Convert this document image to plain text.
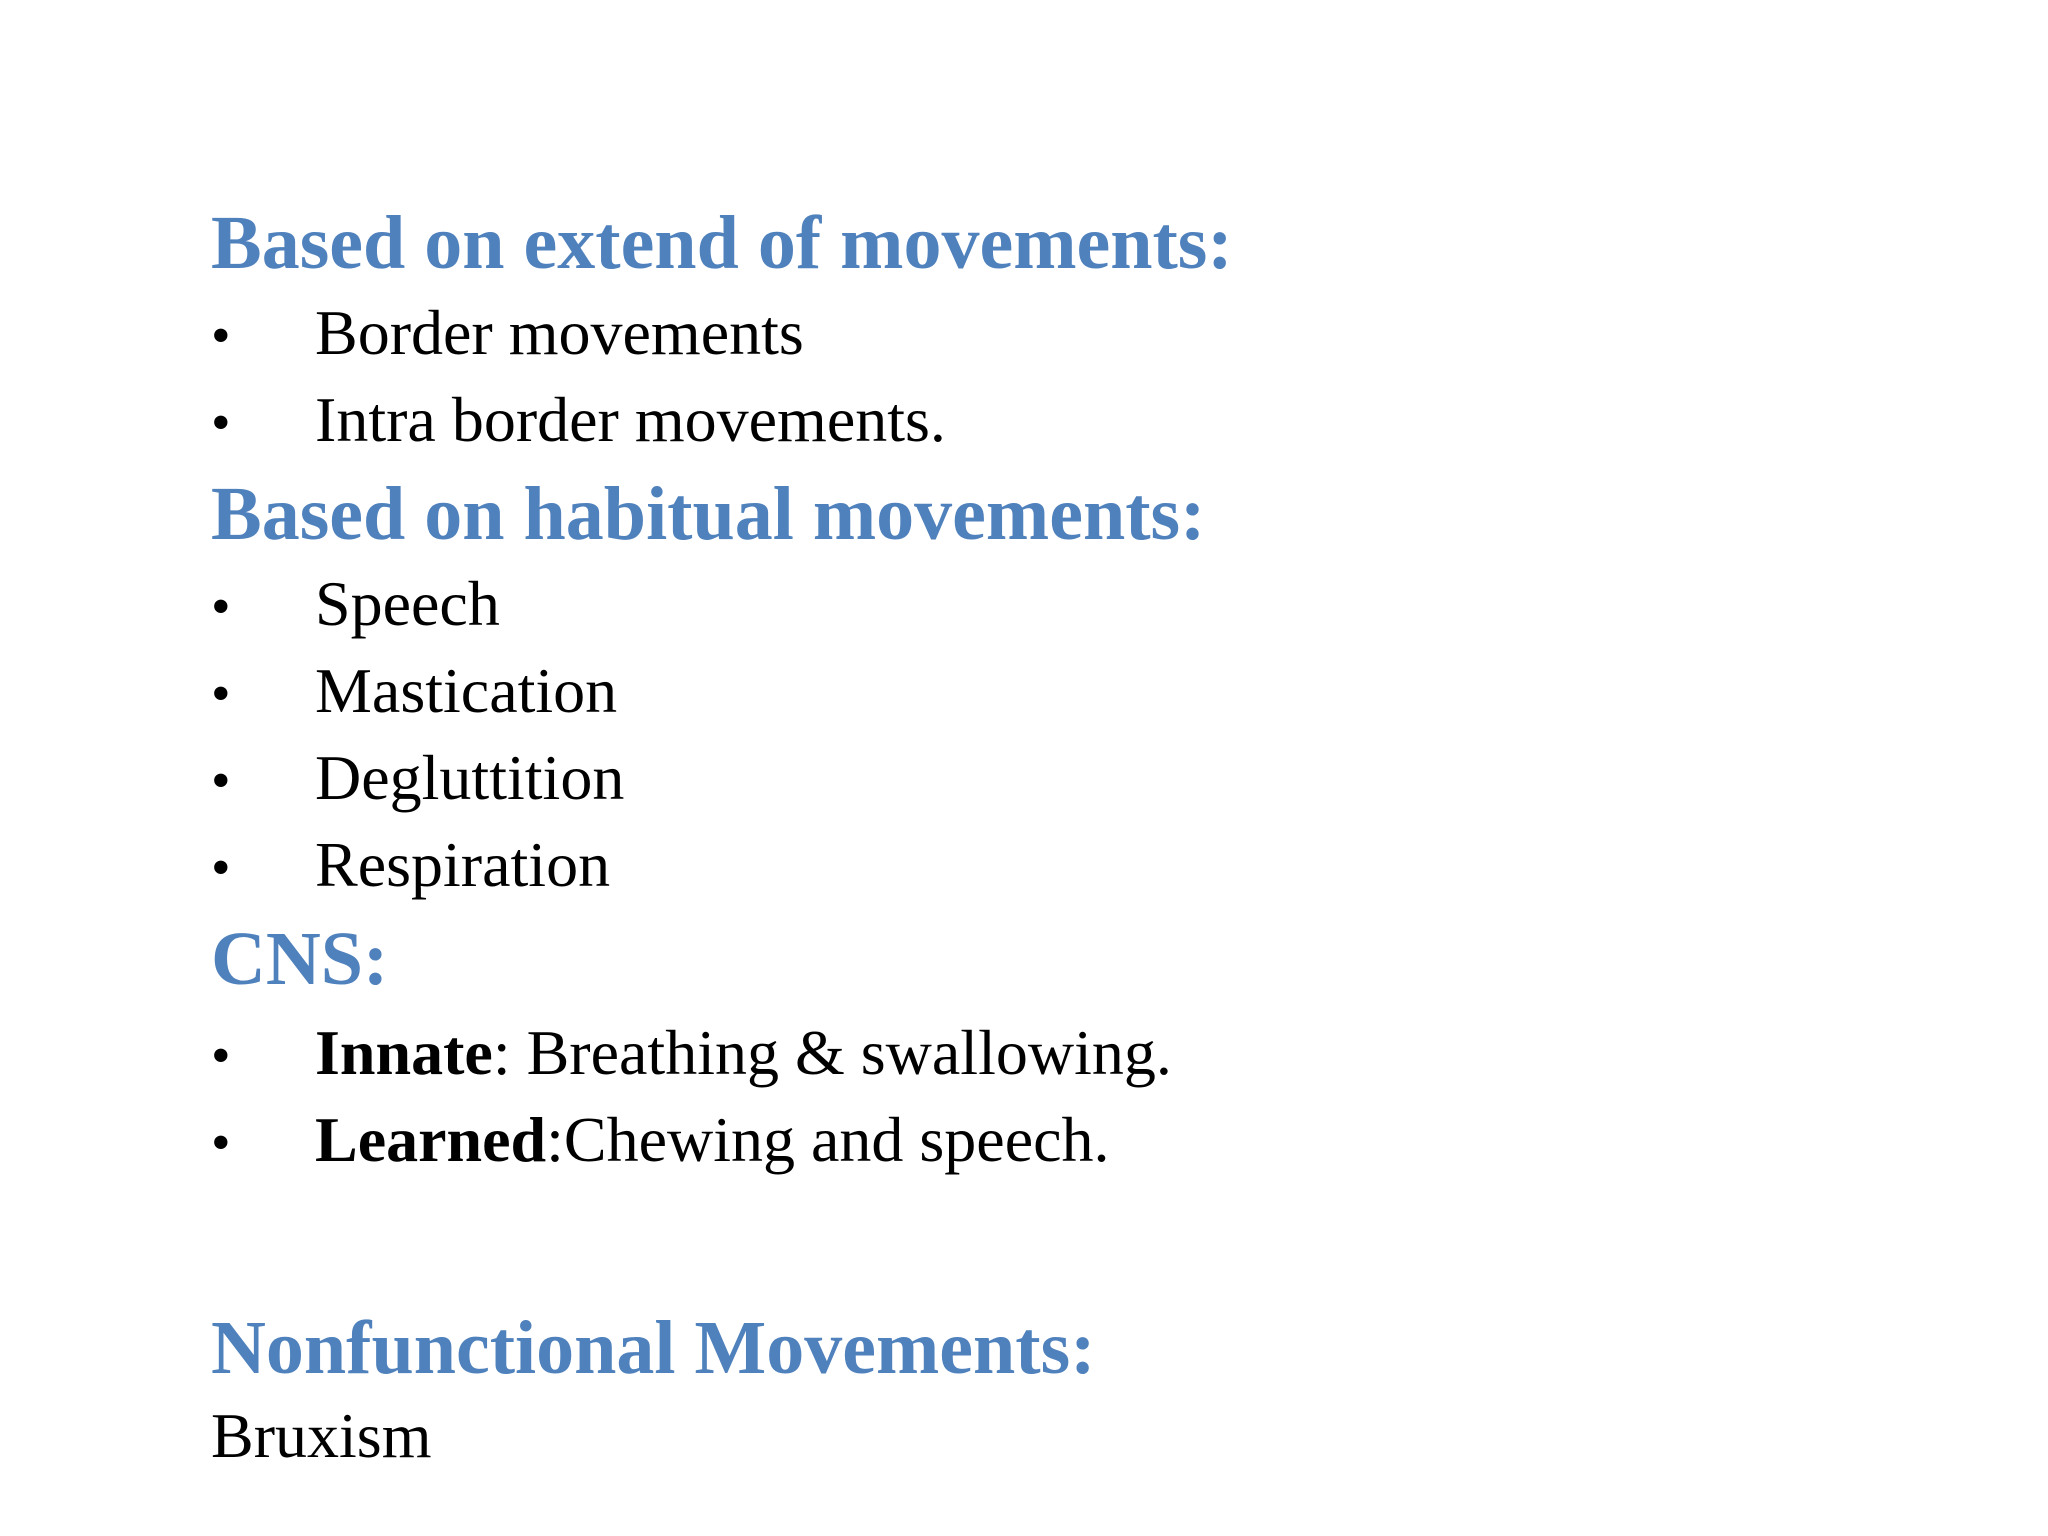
Based on extend of movements:
•	Border movements
•	Intra border movements.
Based on habitual movements:
•	Speech
•	Mastication
•	Degluttition
•	Respiration
CNS:
•	Innate: Breathing & swallowing.
•	Learned:Chewing and speech.
Nonfunctional Movements:

Bruxism
